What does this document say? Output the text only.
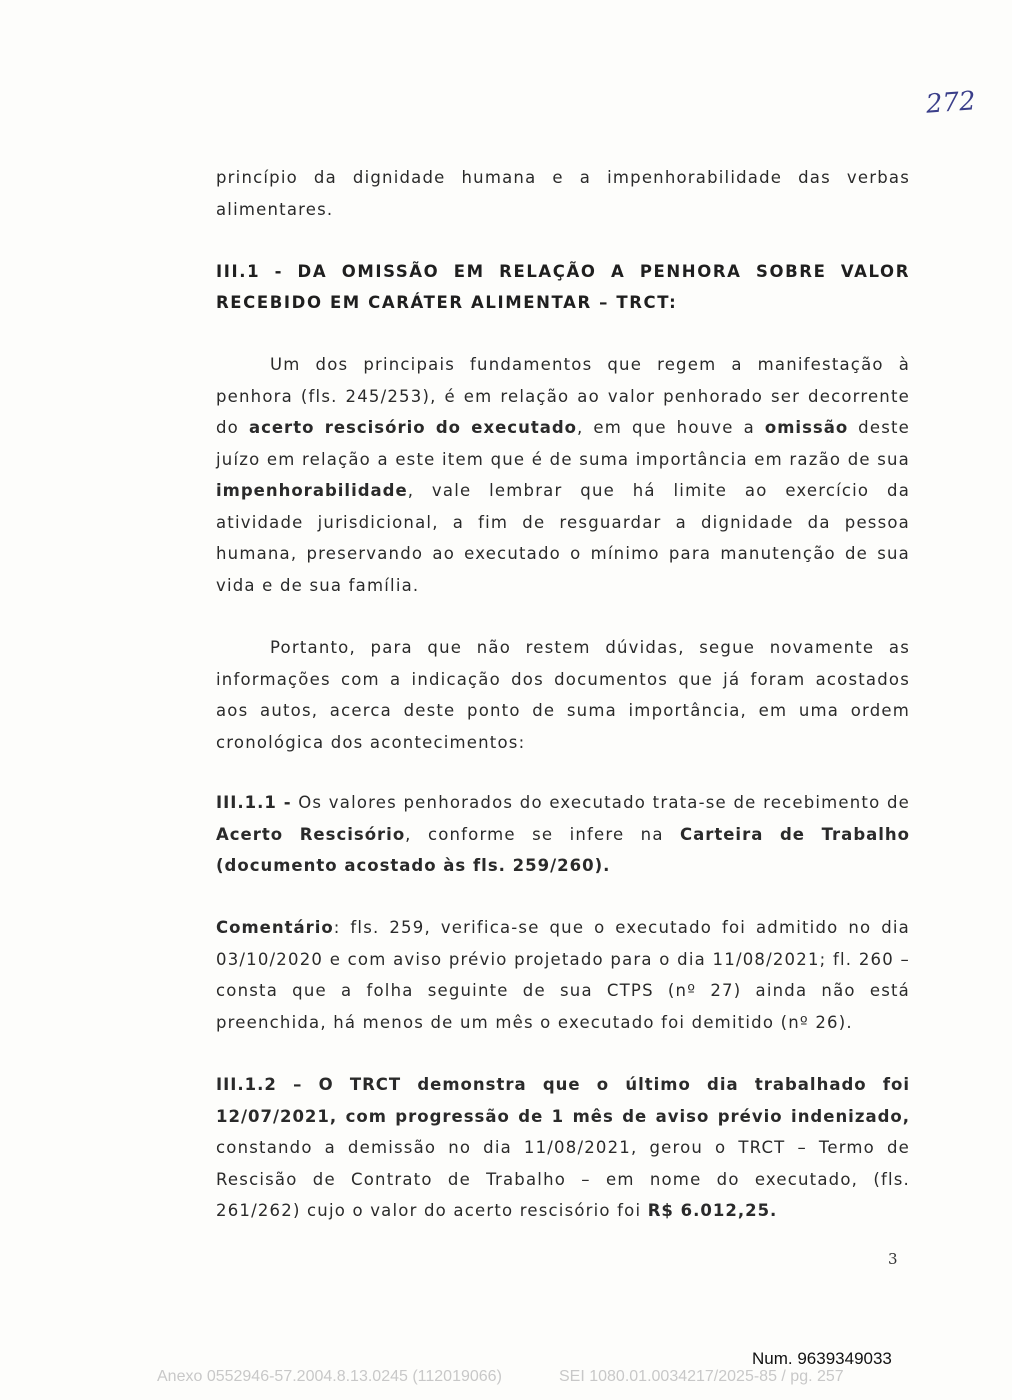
272
princípio da dignidade humana e a impenhorabilidade das verbas
alimentares.
III.1 - DA OMISSÃO EM RELAÇÃO A PENHORA SOBRE VALOR
RECEBIDO EM CARÁTER ALIMENTAR – TRCT:
Um dos principais fundamentos que regem a manifestação à penhora (fls. 245/253), é em relação ao valor penhorado ser decorrente do acerto rescisório do executado, em que houve a omissão deste juízo em relação a este item que é de suma importância em razão de sua impenhorabilidade, vale lembrar que há limite ao exercício da atividade jurisdicional, a fim de resguardar a dignidade da pessoa humana, preservando ao executado o mínimo para manutenção de sua vida e de sua família.
Portanto, para que não restem dúvidas, segue novamente as informações com a indicação dos documentos que já foram acostados aos autos, acerca deste ponto de suma importância, em uma ordem cronológica dos acontecimentos:
III.1.1 - Os valores penhorados do executado trata-se de recebimento de Acerto Rescisório, conforme se infere na Carteira de Trabalho (documento acostado às fls. 259/260).
Comentário: fls. 259, verifica-se que o executado foi admitido no dia 03/10/2020 e com aviso prévio projetado para o dia 11/08/2021; fl. 260 – consta que a folha seguinte de sua CTPS (nº 27) ainda não está preenchida, há menos de um mês o executado foi demitido (nº 26).
III.1.2 – O TRCT demonstra que o último dia trabalhado foi 12/07/2021, com progressão de 1 mês de aviso prévio indenizado, constando a demissão no dia 11/08/2021, gerou o TRCT – Termo de Rescisão de Contrato de Trabalho – em nome do executado, (fls. 261/262) cujo o valor do acerto rescisório foi R$ 6.012,25.
3
Num. 9639349033
Anexo 0552946-57.2004.8.13.0245 (112019066)	SEI 1080.01.0034217/2025-85 / pg. 257
